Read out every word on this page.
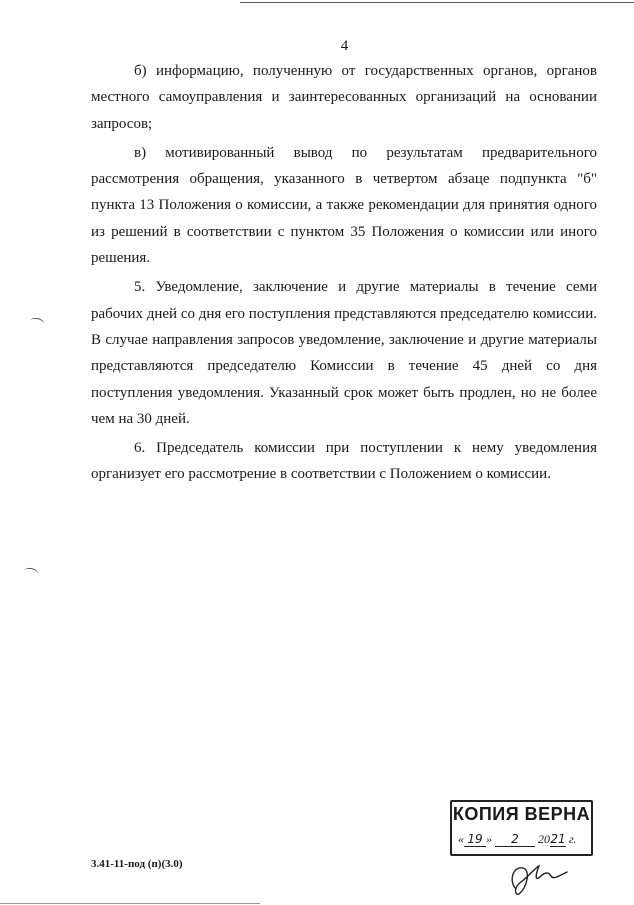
4

б) информацию, полученную от государственных органов, органов местного самоуправления и заинтересованных организаций на основании запросов;

в) мотивированный вывод по результатам предварительного рассмотрения обращения, указанного в четвертом абзаце подпункта "б" пункта 13 Положения о комиссии, а также рекомендации для принятия одного из решений в соответствии с пунктом 35 Положения о комиссии или иного решения.

5. Уведомление, заключение и другие материалы в течение семи рабочих дней со дня его поступления представляются председателю комиссии. В случае направления запросов уведомление, заключение и другие материалы представляются председателю Комиссии в течение 45 дней со дня поступления уведомления. Указанный срок может быть продлен, но не более чем на 30 дней.

6. Председатель комиссии при поступлении к нему уведомления организует его рассмотрение в соответствии с Положением о комиссии.

КОПИЯ ВЕРНА
« 19 » 2 2021 г.
3.41-11-под (п)(3.0)
